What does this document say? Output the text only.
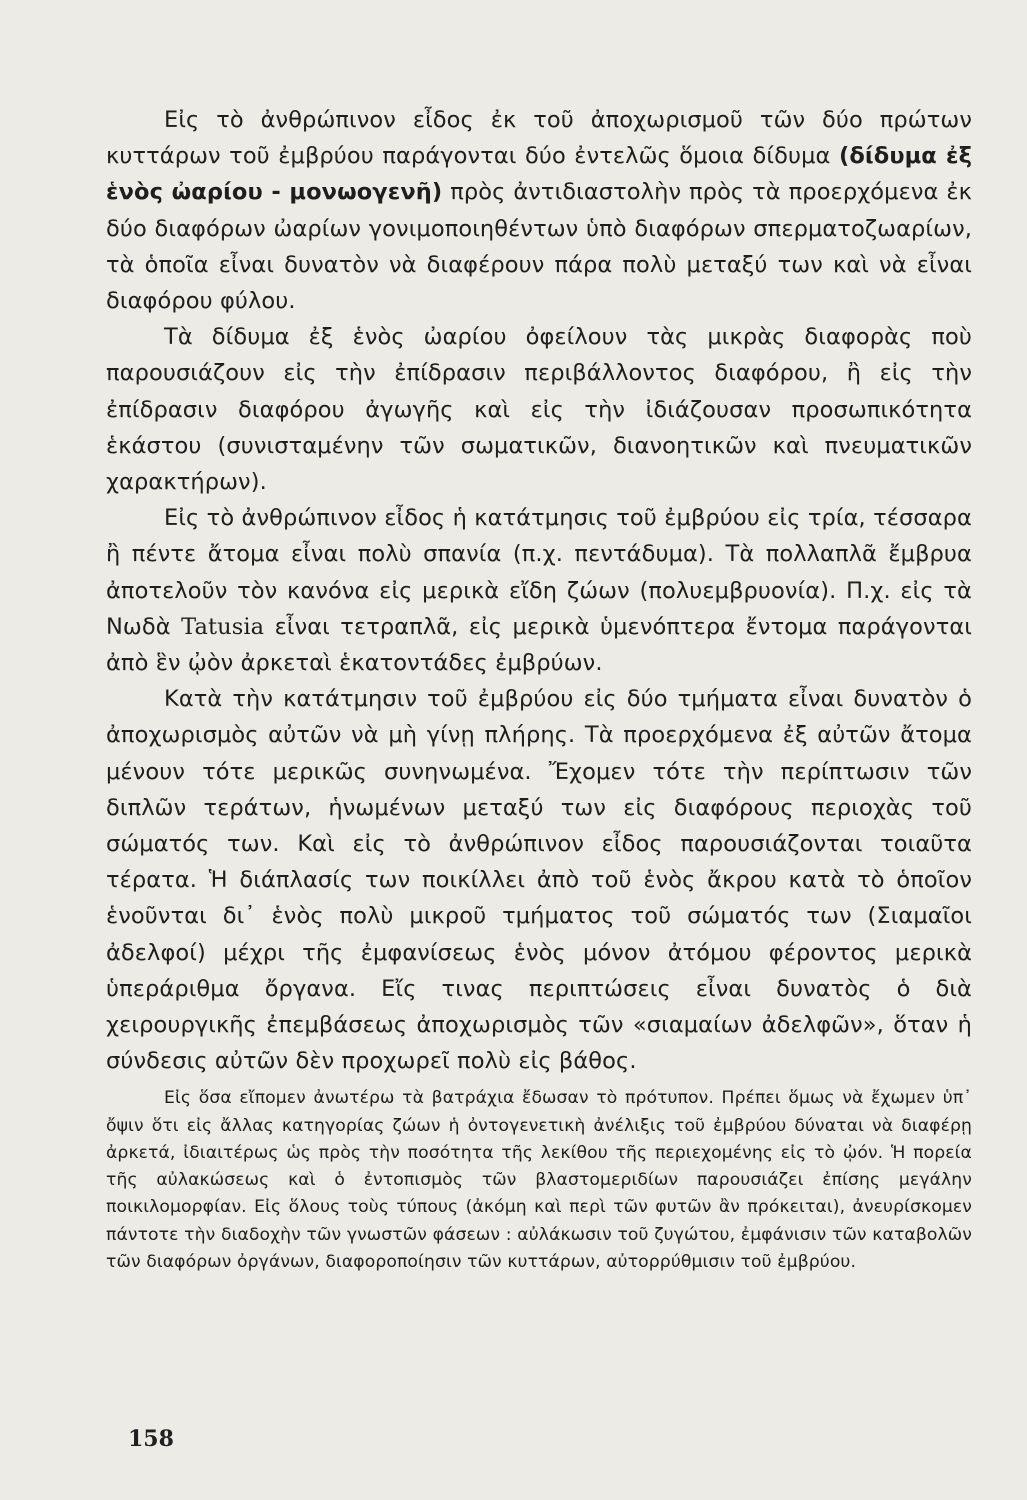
Εἰς τὸ ἀνθρώπινον εἶδος ἐκ τοῦ ἀποχωρισμοῦ τῶν δύο πρώτων κυττάρων τοῦ ἐμβρύου παράγονται δύο ἐντελῶς ὅμοια δίδυμα (δίδυμα ἐξ ἑνὸς ὠαρίου - μονωογενῆ) πρὸς ἀντιδιαστολὴν πρὸς τὰ προερχόμενα ἐκ δύο διαφόρων ὠαρίων γονιμοποιηθέντων ὑπὸ διαφόρων σπερματοζωαρίων, τὰ ὁποῖα εἶναι δυνατὸν νὰ διαφέρουν πάρα πολὺ μεταξύ των καὶ νὰ εἶναι διαφόρου φύλου.

Τὰ δίδυμα ἐξ ἑνὸς ὠαρίου ὀφείλουν τὰς μικρὰς διαφορὰς ποὺ παρουσιάζουν εἰς τὴν ἐπίδρασιν περιβάλλοντος διαφόρου, ἢ εἰς τὴν ἐπίδρασιν διαφόρου ἀγωγῆς καὶ εἰς τὴν ἰδιάζουσαν προσωπικότητα ἑκάστου (συνισταμένην τῶν σωματικῶν, διανοητικῶν καὶ πνευματικῶν χαρακτήρων).

Εἰς τὸ ἀνθρώπινον εἶδος ἡ κατάτμησις τοῦ ἐμβρύου εἰς τρία, τέσσαρα ἢ πέντε ἄτομα εἶναι πολὺ σπανία (π.χ. πεντάδυμα). Τὰ πολλαπλᾶ ἔμβρυα ἀποτελοῦν τὸν κανόνα εἰς μερικὰ εἴδη ζώων (πολυεμβρυονία). Π.χ. εἰς τὰ Νωδὰ Tatusia εἶναι τετραπλᾶ, εἰς μερικὰ ὑμενόπτερα ἔντομα παράγονται ἀπὸ ἓν ᾠὸν ἀρκεταὶ ἑκατοντάδες ἐμβρύων.

Κατὰ τὴν κατάτμησιν τοῦ ἐμβρύου εἰς δύο τμήματα εἶναι δυνατὸν ὁ ἀποχωρισμὸς αὐτῶν νὰ μὴ γίνῃ πλήρης. Τὰ προερχόμενα ἐξ αὐτῶν ἄτομα μένουν τότε μερικῶς συνηνωμένα. Ἔχομεν τότε τὴν περίπτωσιν τῶν διπλῶν τεράτων, ἡνωμένων μεταξύ των εἰς διαφόρους περιοχὰς τοῦ σώματός των. Καὶ εἰς τὸ ἀνθρώπινον εἶδος παρουσιάζονται τοιαῦτα τέρατα. Ἡ διάπλασίς των ποικίλλει ἀπὸ τοῦ ἑνὸς ἄκρου κατὰ τὸ ὁποῖον ἑνοῦνται δι᾽ ἑνὸς πολὺ μικροῦ τμήματος τοῦ σώματός των (Σιαμαῖοι ἀδελφοί) μέχρι τῆς ἐμφανίσεως ἑνὸς μόνον ἀτόμου φέροντος μερικὰ ὑπεράριθμα ὄργανα. Εἴς τινας περιπτώσεις εἶναι δυνατὸς ὁ διὰ χειρουργικῆς ἐπεμβάσεως ἀποχωρισμὸς τῶν «σιαμαίων ἀδελφῶν», ὅταν ἡ σύνδεσις αὐτῶν δὲν προχωρεῖ πολὺ εἰς βάθος.

Εἰς ὅσα εἴπομεν ἀνωτέρω τὰ βατράχια ἔδωσαν τὸ πρότυπον. Πρέπει ὅμως νὰ ἔχωμεν ὑπ᾽ ὄψιν ὅτι εἰς ἄλλας κατηγορίας ζώων ἡ ὀντογενετικὴ ἀνέλιξις τοῦ ἐμβρύου δύναται νὰ διαφέρῃ ἀρκετά, ἰδιαιτέρως ὡς πρὸς τὴν ποσότητα τῆς λεκίθου τῆς περιεχομένης εἰς τὸ ᾠόν. Ἡ πορεία τῆς αὐλακώσεως καὶ ὁ ἐντοπισμὸς τῶν βλαστομεριδίων παρουσιάζει ἐπίσης μεγάλην ποικιλομορφίαν. Εἰς ὅλους τοὺς τύπους (ἀκόμη καὶ περὶ τῶν φυτῶν ἂν πρόκειται), ἀνευρίσκομεν πάντοτε τὴν διαδοχὴν τῶν γνωστῶν φάσεων : αὐλάκωσιν τοῦ ζυγώτου, ἐμφάνισιν τῶν καταβολῶν τῶν διαφόρων ὀργάνων, διαφοροποίησιν τῶν κυττάρων, αὐτορρύθμισιν τοῦ ἐμβρύου.

158
